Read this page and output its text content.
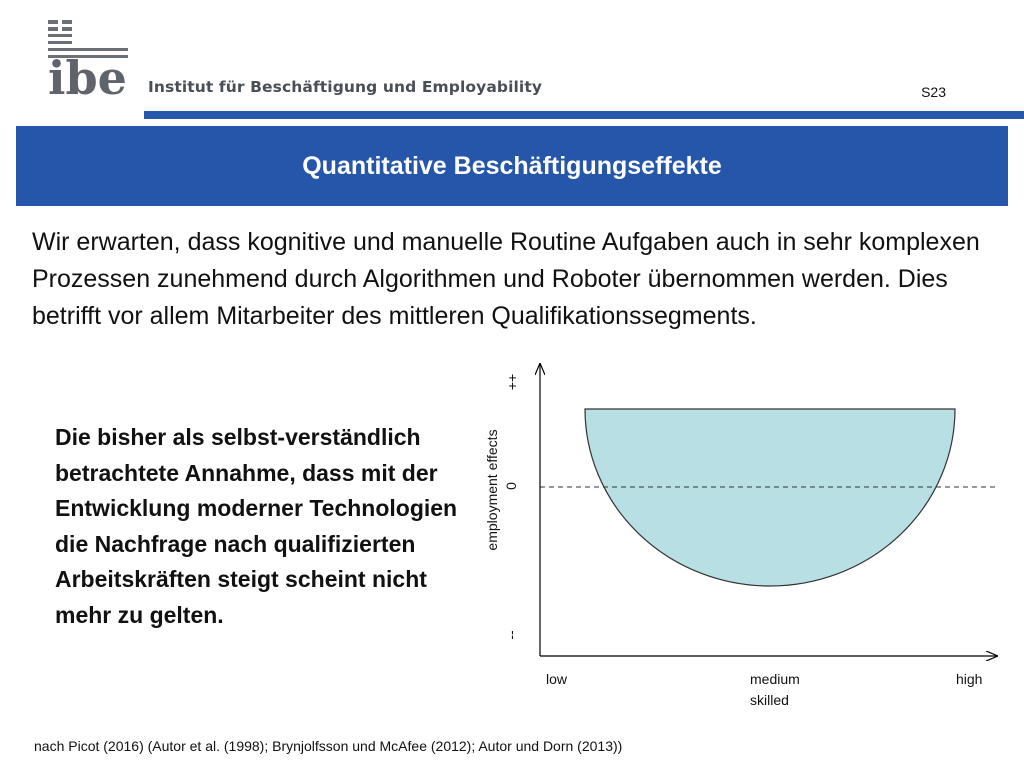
ibe Institut für Beschäftigung und Employability	S23
Quantitative Beschäftigungseffekte

Wir erwarten, dass kognitive und manuelle Routine Aufgaben auch in sehr komplexen Prozessen zunehmend durch Algorithmen und Roboter übernommen werden. Dies betrifft vor allem Mitarbeiter des mittleren Qualifikationssegments.

Die bisher als selbst-verständlich betrachtete Annahme, dass mit der Entwicklung moderner Technologien die Nachfrage nach qualifizierten Arbeitskräften steigt scheint nicht mehr zu gelten.

employment effects
++
0
--
low	medium
skilled
high

nach Picot (2016) (Autor et al. (1998); Brynjolfsson und McAfee (2012); Autor und Dorn (2013))
